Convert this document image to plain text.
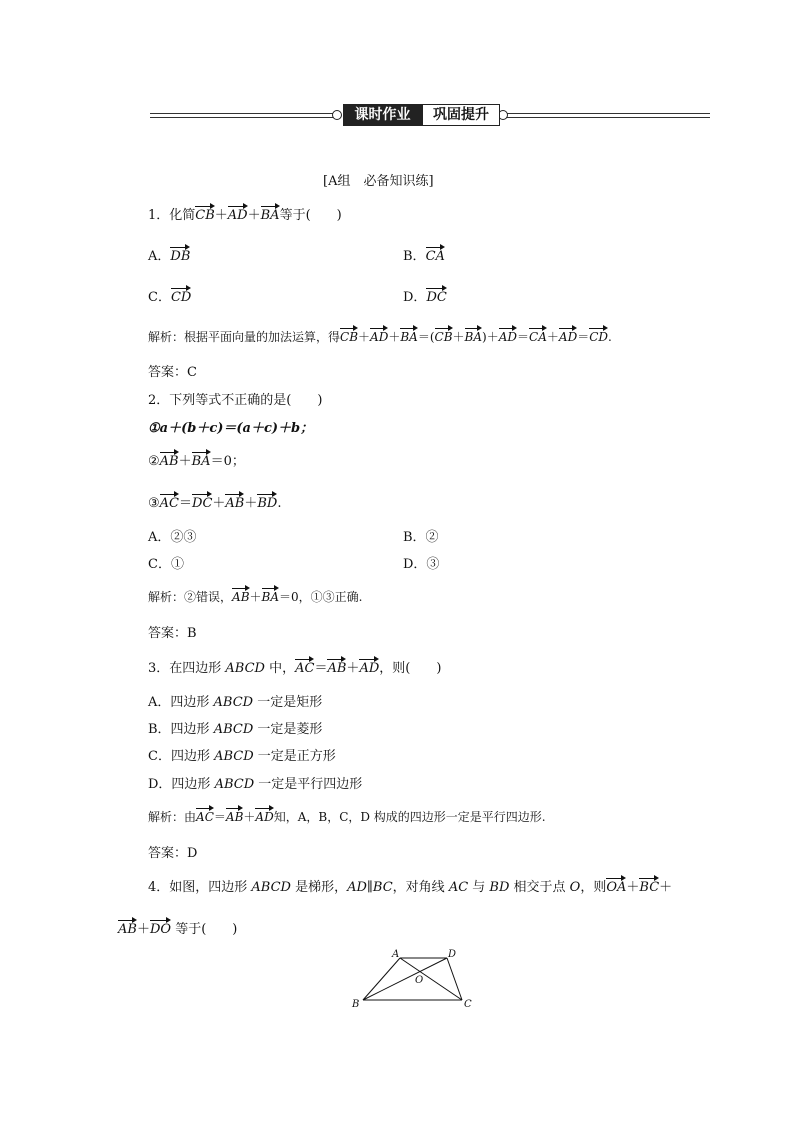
课时作业	巩固提升
[A组　必备知识练]
1．化简CB＋AD＋BA等于(　　)
A．DB	B．CA
C．CD	D．DC
解析：根据平面向量的加法运算，得CB＋AD＋BA＝(CB＋BA)＋AD＝CA＋AD＝CD.
答案：C
2．下列等式不正确的是(　　)
①a＋(b＋c)＝(a＋c)＋b；
②AB＋BA＝0；
③AC＝DC＋AB＋BD.
A．②③	B．②
C．①	D．③
解析：②错误，AB＋BA＝0，①③正确.
答案：B
3．在四边形 ABCD 中，AC＝AB＋AD，则(　　)
A．四边形 ABCD 一定是矩形
B．四边形 ABCD 一定是菱形
C．四边形 ABCD 一定是正方形
D．四边形 ABCD 一定是平行四边形
解析：由AC＝AB＋AD知，A，B，C，D 构成的四边形一定是平行四边形.
答案：D
4．如图，四边形 ABCD 是梯形，AD∥BC，对角线 AC 与 BD 相交于点 O，则OA＋BC＋
AB＋DO 等于(　　)
A	D
O
B	C
